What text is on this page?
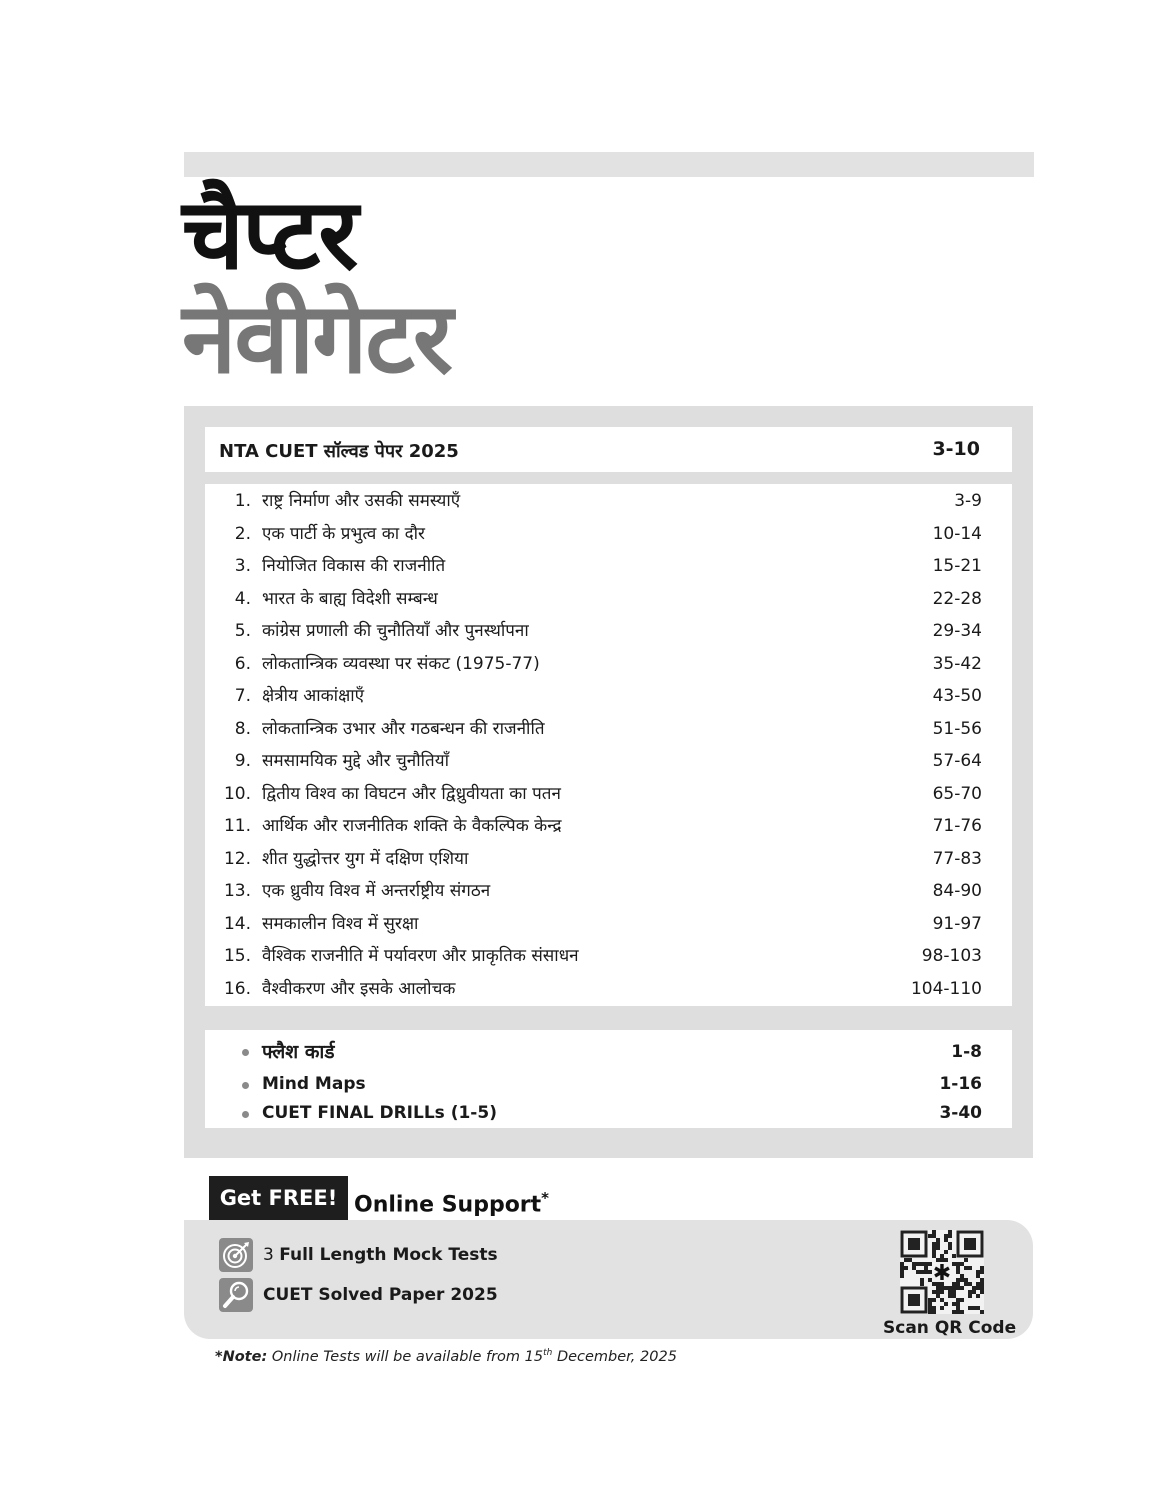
चैप्टर
नेवीगेटर
NTA CUET सॉल्वड पेपर 2025	3-10
1. राष्ट्र निर्माण और उसकी समस्याएँ	3-9
2. एक पार्टी के प्रभुत्व का दौर	10-14
3. नियोजित विकास की राजनीति	15-21
4. भारत के बाह्य विदेशी सम्बन्ध	22-28
5. कांग्रेस प्रणाली की चुनौतियाँ और पुनर्स्थापना	29-34
6. लोकतान्त्रिक व्यवस्था पर संकट (1975-77)	35-42
7. क्षेत्रीय आकांक्षाएँ	43-50
8. लोकतान्त्रिक उभार और गठबन्धन की राजनीति	51-56
9. समसामयिक मुद्दे और चुनौतियाँ	57-64
10. द्वितीय विश्व का विघटन और द्विध्रुवीयता का पतन	65-70
11. आर्थिक और राजनीतिक शक्ति के वैकल्पिक केन्द्र	71-76
12. शीत युद्धोत्तर युग में दक्षिण एशिया	77-83
13. एक ध्रुवीय विश्व में अन्तर्राष्ट्रीय संगठन	84-90
14. समकालीन विश्व में सुरक्षा	91-97
15. वैश्विक राजनीति में पर्यावरण और प्राकृतिक संसाधन	98-103
16. वैश्वीकरण और इसके आलोचक	104-110
फ्लैश कार्ड	1-8
Mind Maps	1-16
CUET FINAL DRILLs (1-5)	3-40
Get FREE! Online Support*
3 Full Length Mock Tests
CUET Solved Paper 2025
✱
Scan QR Code
*Note: Online Tests will be available from 15th December, 2025
